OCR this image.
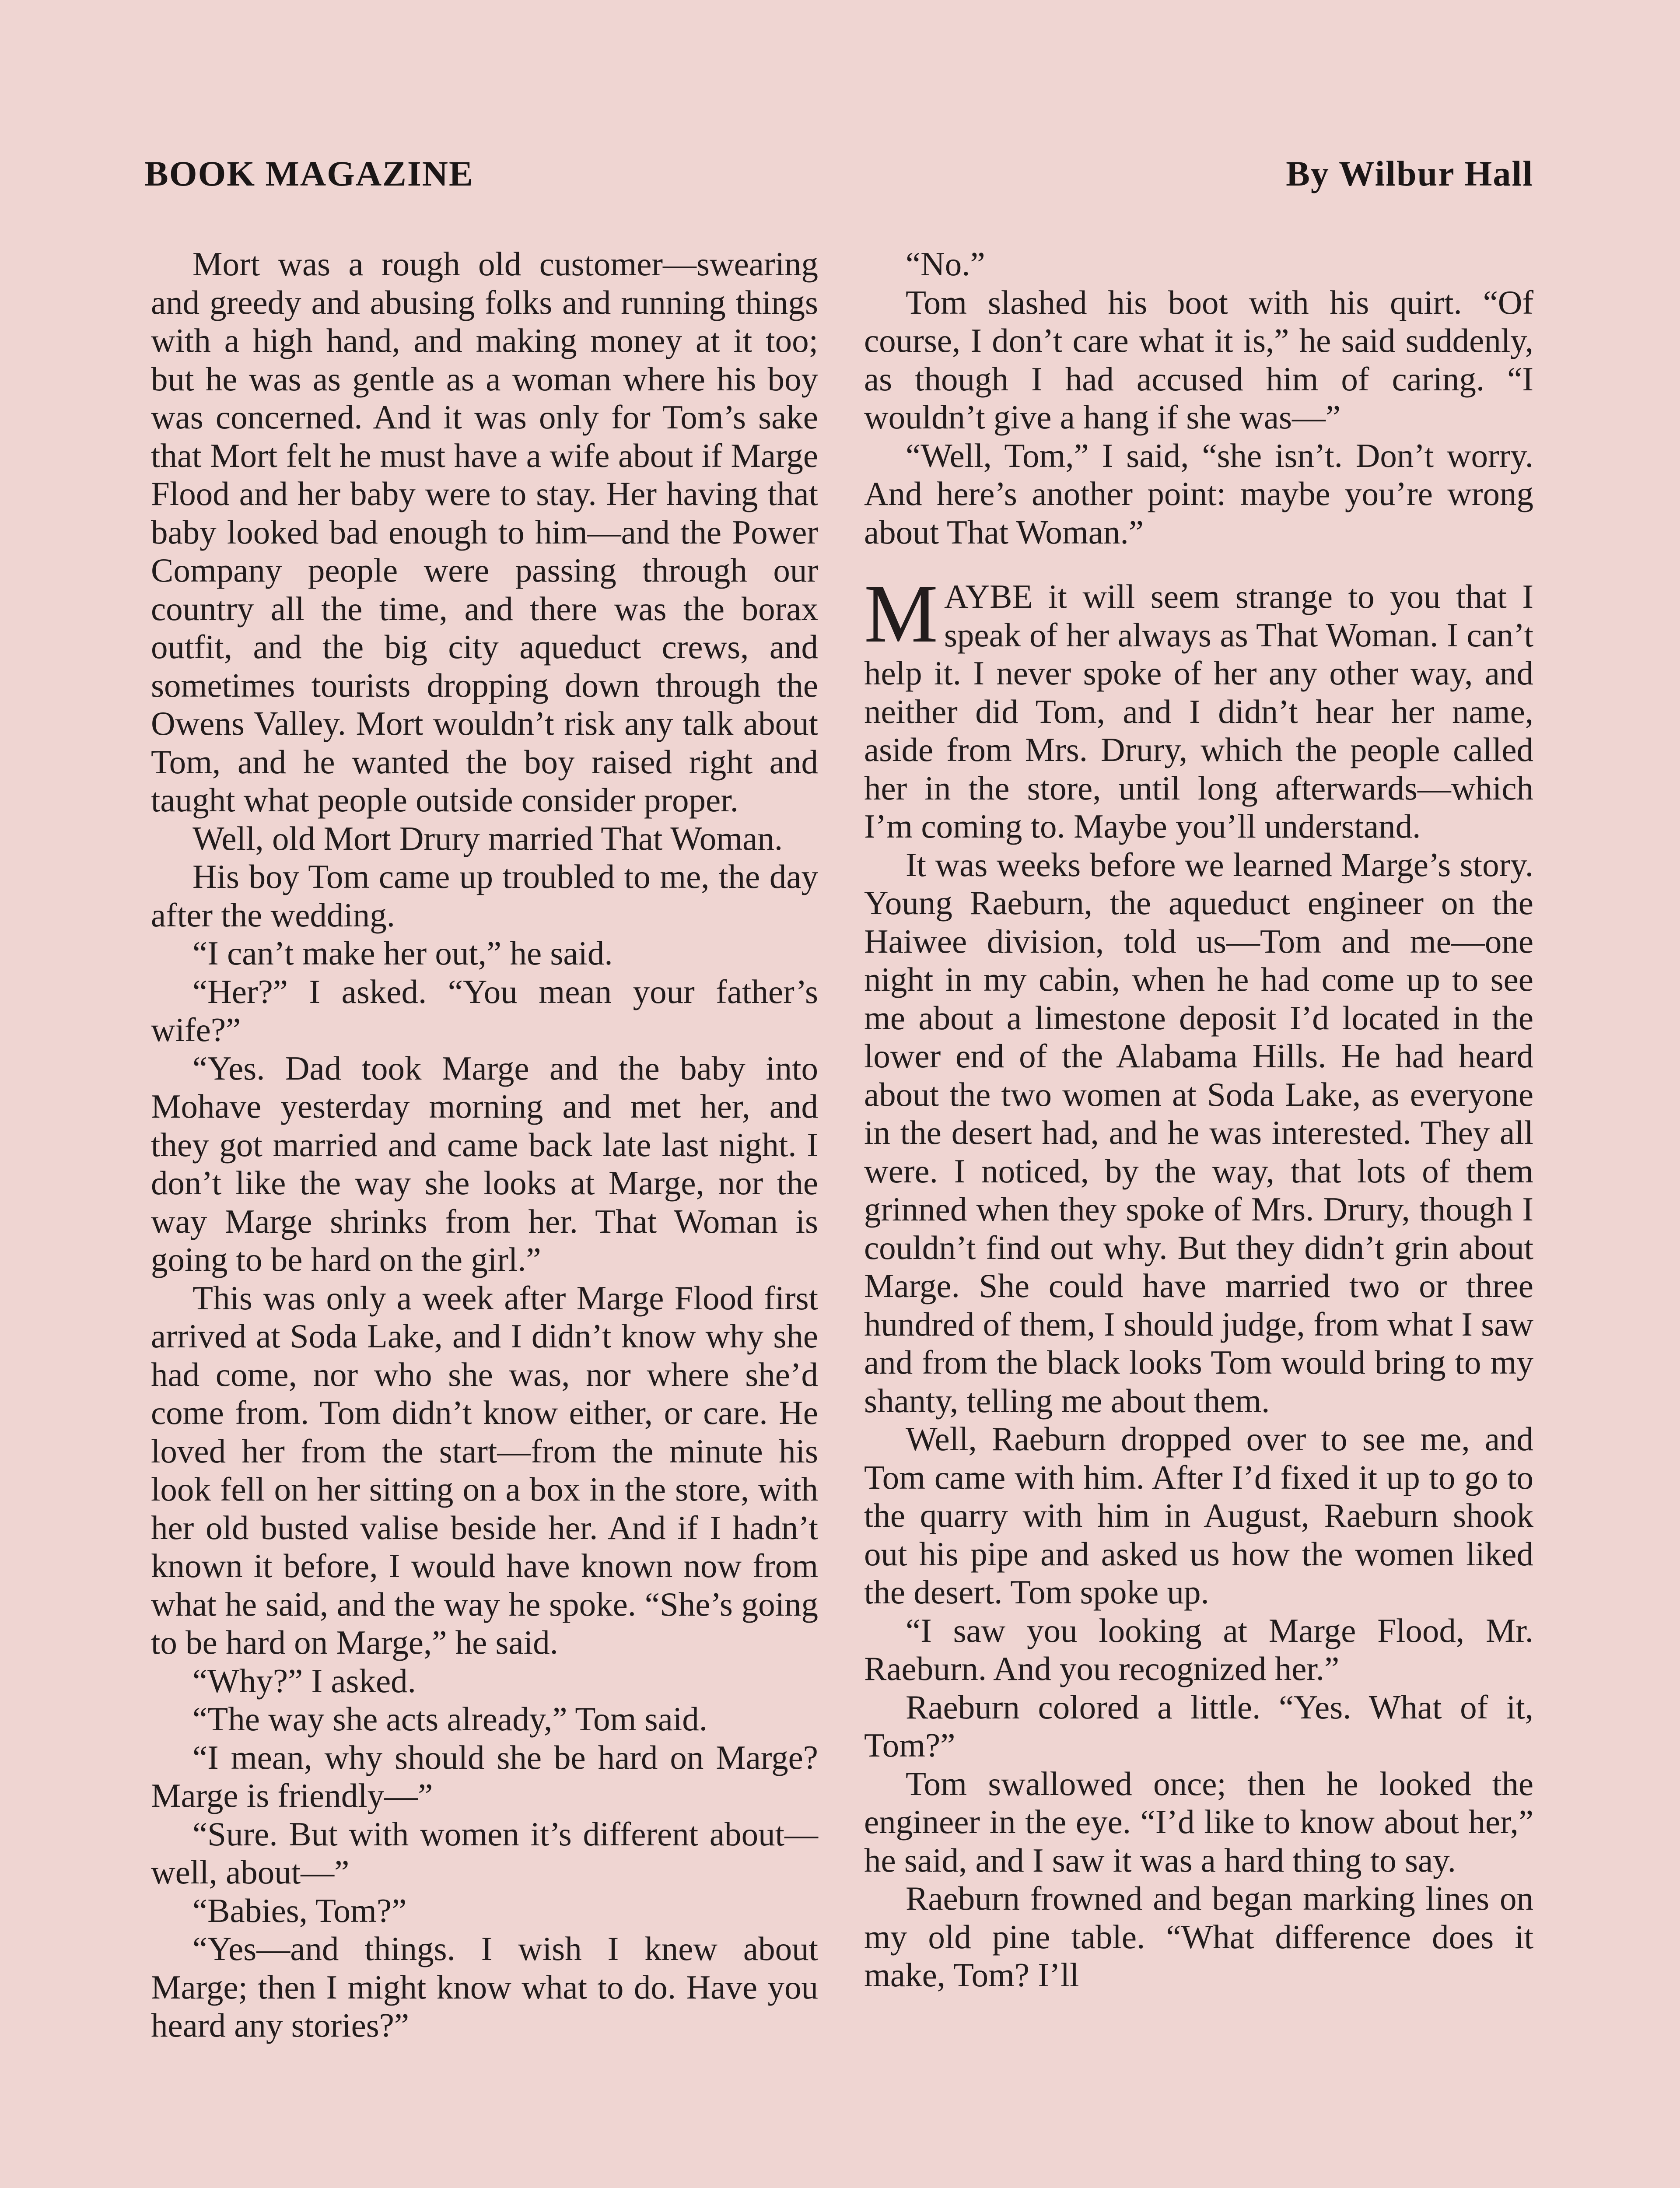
BOOK MAGAZINE	By Wilbur Hall

Mort was a rough old customer—swearing and greedy and abusing folks and running things with a high hand, and making money at it too; but he was as gentle as a woman where his boy was concerned. And it was only for Tom’s sake that Mort felt he must have a wife about if Marge Flood and her baby were to stay. Her having that baby looked bad enough to him—and the Power Company people were passing through our country all the time, and there was the borax outfit, and the big city aqueduct crews, and sometimes tourists dropping down through the Owens Valley. Mort wouldn’t risk any talk about Tom, and he wanted the boy raised right and taught what people outside consider proper.

Well, old Mort Drury married That Woman.

His boy Tom came up troubled to me, the day after the wedding.

“I can’t make her out,” he said.

“Her?” I asked. “You mean your father’s wife?”

“Yes. Dad took Marge and the baby into Mohave yesterday morning and met her, and they got married and came back late last night. I don’t like the way she looks at Marge, nor the way Marge shrinks from her. That Woman is going to be hard on the girl.”

This was only a week after Marge Flood first arrived at Soda Lake, and I didn’t know why she had come, nor who she was, nor where she’d come from. Tom didn’t know either, or care. He loved her from the start—from the minute his look fell on her sitting on a box in the store, with her old busted valise beside her. And if I hadn’t known it before, I would have known now from what he said, and the way he spoke. “She’s going to be hard on Marge,” he said.

“Why?” I asked.

“The way she acts already,” Tom said.

“I mean, why should she be hard on Marge? Marge is friendly—”

“Sure. But with women it’s different about—well, about—”

“Babies, Tom?”

“Yes—and things. I wish I knew about Marge; then I might know what to do. Have you heard any stories?”

“No.”

Tom slashed his boot with his quirt. “Of course, I don’t care what it is,” he said suddenly, as though I had accused him of caring. “I wouldn’t give a hang if she was—”

“Well, Tom,” I said, “she isn’t. Don’t worry. And here’s another point: maybe you’re wrong about That Woman.”

MAYBE it will seem strange to you that I speak of her always as That Woman. I can’t help it. I never spoke of her any other way, and neither did Tom, and I didn’t hear her name, aside from Mrs. Drury, which the people called her in the store, until long afterwards—which I’m coming to. Maybe you’ll understand.

It was weeks before we learned Marge’s story. Young Raeburn, the aqueduct engineer on the Haiwee division, told us—Tom and me—one night in my cabin, when he had come up to see me about a limestone deposit I’d located in the lower end of the Alabama Hills. He had heard about the two women at Soda Lake, as everyone in the desert had, and he was interested. They all were. I noticed, by the way, that lots of them grinned when they spoke of Mrs. Drury, though I couldn’t find out why. But they didn’t grin about Marge. She could have married two or three hundred of them, I should judge, from what I saw and from the black looks Tom would bring to my shanty, telling me about them.

Well, Raeburn dropped over to see me, and Tom came with him. After I’d fixed it up to go to the quarry with him in August, Raeburn shook out his pipe and asked us how the women liked the desert. Tom spoke up.

“I saw you looking at Marge Flood, Mr. Raeburn. And you recognized her.”

Raeburn colored a little. “Yes. What of it, Tom?”

Tom swallowed once; then he looked the engineer in the eye. “I’d like to know about her,” he said, and I saw it was a hard thing to say.

Raeburn frowned and began marking lines on my old pine table. “What difference does it make, Tom? I’ll
